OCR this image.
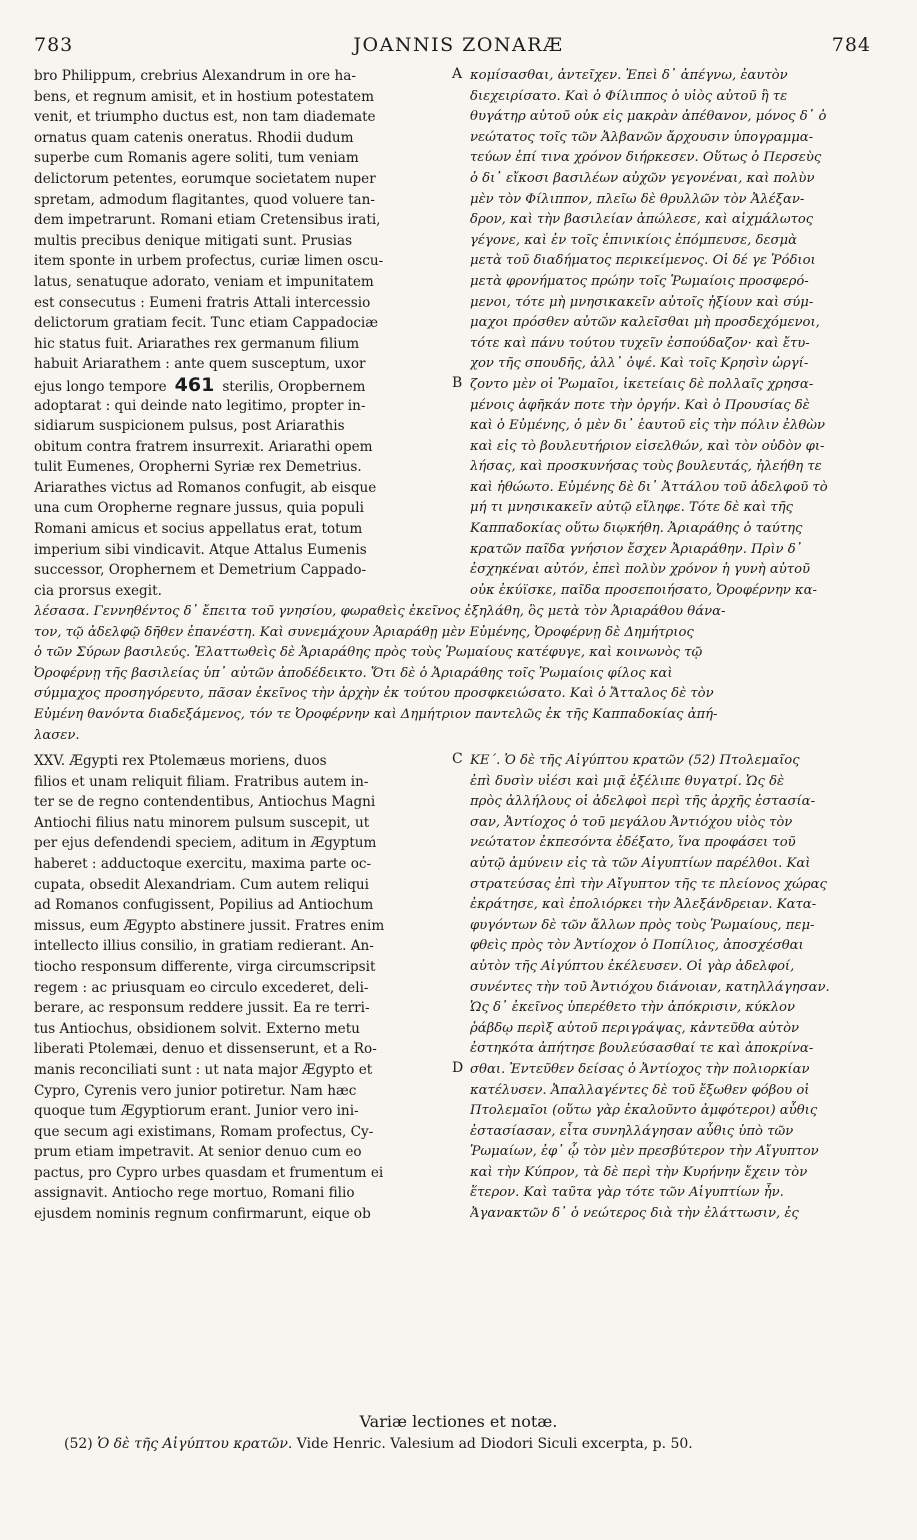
783	JOANNIS ZONARÆ	784
bro Philippum, crebrius Alexandrum in ore ha-
bens, et regnum amisit, et in hostium potestatem
venit, et triumpho ductus est, non tam diademate
ornatus quam catenis oneratus. Rhodii dudum
superbe cum Romanis agere soliti, tum veniam
delictorum petentes, eorumque societatem nuper
spretam, admodum flagitantes, quod voluere tan-
dem impetrarunt. Romani etiam Cretensibus irati,
multis precibus denique mitigati sunt. Prusias
item sponte in urbem profectus, curiæ limen oscu-
latus, senatuque adorato, veniam et impunitatem
est consecutus : Eumeni fratris Attali intercessio
delictorum gratiam fecit. Tunc etiam Cappadociæ
hic status fuit. Ariarathes rex germanum filium
habuit Ariarathem : ante quem susceptum, uxor
ejus longo tempore 461 sterilis, Oropbernem
adoptarat : qui deinde nato legitimo, propter in-
sidiarum suspicionem pulsus, post Ariarathis
obitum contra fratrem insurrexit. Ariarathi opem
tulit Eumenes, Oropherni Syriæ rex Demetrius.
Ariarathes victus ad Romanos confugit, ab eisque
una cum Oropherne regnare jussus, quia populi
Romani amicus et socius appellatus erat, totum
imperium sibi vindicavit. Atque Attalus Eumenis
successor, Orophernem et Demetrium Cappado-
cia prorsus exegit.
κομίσασθαι, ἀντεῖχεν. Ἐπεὶ δ᾽ ἀπέγνω, ἑαυτὸν
διεχειρίσατο. Καὶ ὁ Φίλιππος ὁ υἱὸς αὐτοῦ ἢ τε
θυγάτηρ αὐτοῦ οὐκ εἰς μακρὰν ἀπέθανον, μόνος δ᾽ ὁ
νεώτατος τοῖς τῶν Ἀλβανῶν ἄρχουσιν ὑπογραμμα-
τεύων ἐπί τινα χρόνον διήρκεσεν. Οὕτως ὁ Περσεὺς
ὁ δι᾽ εἴκοσι βασιλέων αὐχῶν γεγονέναι, καὶ πολὺν
μὲν τὸν Φίλιππον, πλεῖω δὲ θρυλλῶν τὸν Ἀλέξαν-
δρον, καὶ τὴν βασιλείαν ἀπώλεσε, καὶ αἰχμάλωτος
γέγονε, καὶ ἐν τοῖς ἐπινικίοις ἐπόμπευσε, δεσμὰ
μετὰ τοῦ διαδήματος περικείμενος. Οἱ δέ γε Ῥόδιοι
μετὰ φρονήματος πρώην τοῖς Ῥωμαίοις προσφερό-
μενοι, τότε μὴ μνησικακεῖν αὐτοῖς ἠξίουν καὶ σύμ-
μαχοι πρόσθεν αὐτῶν καλεῖσθαι μὴ προσδεχόμενοι,
τότε καὶ πάνυ τούτου τυχεῖν ἐσπούδαζον· καὶ ἔτυ-
χον τῆς σπουδῆς, ἀλλ᾽ ὀψέ. Καὶ τοῖς Κρησὶν ὠργί-
ζοντο μὲν οἱ Ῥωμαῖοι, ἱκετείαις δὲ πολλαῖς χρησα-
μένοις ἀφῆκάν ποτε τὴν ὀργήν. Καὶ ὁ Προυσίας δὲ
καὶ ὁ Εὐμένης, ὁ μὲν δι᾽ ἑαυτοῦ εἰς τὴν πόλιν ἐλθὼν
καὶ εἰς τὸ βουλευτήριον εἰσελθών, καὶ τὸν οὐδὸν φι-
λήσας, καὶ προσκυνήσας τοὺς βουλευτάς, ἠλεήθη τε
καὶ ἠθώωτο. Εὐμένης δὲ δι᾽ Ἀττάλου τοῦ ἀδελφοῦ τὸ
μή τι μνησικακεῖν αὐτῷ εἴληφε. Τότε δὲ καὶ τῆς
Καππαδοκίας οὕτω διῳκήθη. Ἀριαράθης ὁ ταύτης
κρατῶν παῖδα γνήσιον ἔσχεν Ἀριαράθην. Πρὶν δ᾽
ἐσχηκέναι αὐτόν, ἐπεὶ πολὺν χρόνον ἡ γυνὴ αὐτοῦ
οὐκ ἐκύϊσκε, παῖδα προσεποιήσατο, Ὀροφέρνην κα-
A
B
λέσασα. Γεννηθέντος δ᾽ ἔπειτα τοῦ γνησίου, φωραθεὶς ἐκεῖνος ἐξηλάθη, ὃς μετὰ τὸν Ἀριαράθου θάνα-
τον, τῷ ἀδελφῷ δῆθεν ἐπανέστη. Καὶ συνεμάχουν Ἀριαράθῃ μὲν Εὐμένης, Ὀροφέρνῃ δὲ Δημήτριος
ὁ τῶν Σύρων βασιλεύς. Ἐλαττωθεὶς δὲ Ἀριαράθης πρὸς τοὺς Ῥωμαίους κατέφυγε, καὶ κοινωνὸς τῷ
Ὀροφέρνῃ τῆς βασιλείας ὑπ᾽ αὐτῶν ἀποδέδεικτο. Ὅτι δὲ ὁ Ἀριαράθης τοῖς Ῥωμαίοις φίλος καὶ
σύμμαχος προσηγόρευτο, πᾶσαν ἐκεῖνος τὴν ἀρχὴν ἐκ τούτου προσφκειώσατο. Καὶ ὁ Ἄτταλος δὲ τὸν
Εὐμένη θανόντα διαδεξάμενος, τόν τε Ὀροφέρνην καὶ Δημήτριον παντελῶς ἐκ τῆς Καππαδοκίας ἀπή-
λασεν.
XXV. Ægypti rex Ptolemæus moriens, duos
filios et unam reliquit filiam. Fratribus autem in-
ter se de regno contendentibus, Antiochus Magni
Antiochi filius natu minorem pulsum suscepit, ut
per ejus defendendi speciem, aditum in Ægyptum
haberet : adductoque exercitu, maxima parte oc-
cupata, obsedit Alexandriam. Cum autem reliqui
ad Romanos confugissent, Popilius ad Antiochum
missus, eum Ægypto abstinere jussit. Fratres enim
intellecto illius consilio, in gratiam redierant. An-
tiocho responsum differente, virga circumscripsit
regem : ac priusquam eo circulo excederet, deli-
berare, ac responsum reddere jussit. Ea re terri-
tus Antiochus, obsidionem solvit. Externo metu
liberati Ptolemæi, denuo et dissenserunt, et a Ro-
manis reconciliati sunt : ut nata major Ægypto et
Cypro, Cyrenis vero junior potiretur. Nam hæc
quoque tum Ægyptiorum erant. Junior vero ini-
que secum agi existimans, Romam profectus, Cy-
prum etiam impetravit. At senior denuo cum eo
pactus, pro Cypro urbes quasdam et frumentum ei
assignavit. Antiocho rege mortuo, Romani filio
ejusdem nominis regnum confirmarunt, eique ob
ΚΕ΄. Ὁ δὲ τῆς Αἰγύπτου κρατῶν (52) Πτολεμαῖος
ἐπὶ δυσὶν υἱέσι καὶ μιᾷ ἐξέλιπε θυγατρί. Ὡς δὲ
πρὸς ἀλλήλους οἱ ἀδελφοὶ περὶ τῆς ἀρχῆς ἐστασία-
σαν, Ἀντίοχος ὁ τοῦ μεγάλου Ἀντιόχου υἱὸς τὸν
νεώτατον ἐκπεσόντα ἐδέξατο, ἵνα προφάσει τοῦ
αὐτῷ ἀμύνειν εἰς τὰ τῶν Αἰγυπτίων παρέλθοι. Καὶ
στρατεύσας ἐπὶ τὴν Αἴγυπτον τῆς τε πλείονος χώρας
ἐκράτησε, καὶ ἐπολιόρκει τὴν Ἀλεξάνδρειαν. Κατα-
φυγόντων δὲ τῶν ἄλλων πρὸς τοὺς Ῥωμαίους, πεμ-
φθεὶς πρὸς τὸν Ἀντίοχον ὁ Ποπίλιος, ἀποσχέσθαι
αὐτὸν τῆς Αἰγύπτου ἐκέλευσεν. Οἱ γὰρ ἀδελφοί,
συνέντες τὴν τοῦ Ἀντιόχου διάνοιαν, κατηλλάγησαν.
Ὡς δ᾽ ἐκεῖνος ὑπερέθετο τὴν ἀπόκρισιν, κύκλον
ῥάβδῳ περὶξ αὐτοῦ περιγράψας, κἀντεῦθα αὐτὸν
ἐστηκότα ἀπήτησε βουλεύσασθαί τε καὶ ἀποκρίνα-
σθαι. Ἐντεῦθεν δείσας ὁ Ἀντίοχος τὴν πολιορκίαν
κατέλυσεν. Ἀπαλλαγέντες δὲ τοῦ ἔξωθεν φόβου οἱ
Πτολεμαῖοι (οὕτω γὰρ ἐκαλοῦντο ἀμφότεροι) αὖθις
ἐστασίασαν, εἶτα συνηλλάγησαν αὖθις ὑπὸ τῶν
Ῥωμαίων, ἐφ᾽ ᾧ τὸν μὲν πρεσβύτερον τὴν Αἴγυπτον
καὶ τὴν Κύπρον, τὰ δὲ περὶ τὴν Κυρήνην ἔχειν τὸν
ἕτερον. Καὶ ταῦτα γὰρ τότε τῶν Αἰγυπτίων ἦν.
Ἀγανακτῶν δ᾽ ὁ νεώτερος διὰ τὴν ἐλάττωσιν, ἐς
C
D
Variæ lectiones et notæ.
(52) Ὁ δὲ τῆς Αἰγύπτου κρατῶν. Vide Henric. Valesium ad Diodori Siculi excerpta, p. 50.
